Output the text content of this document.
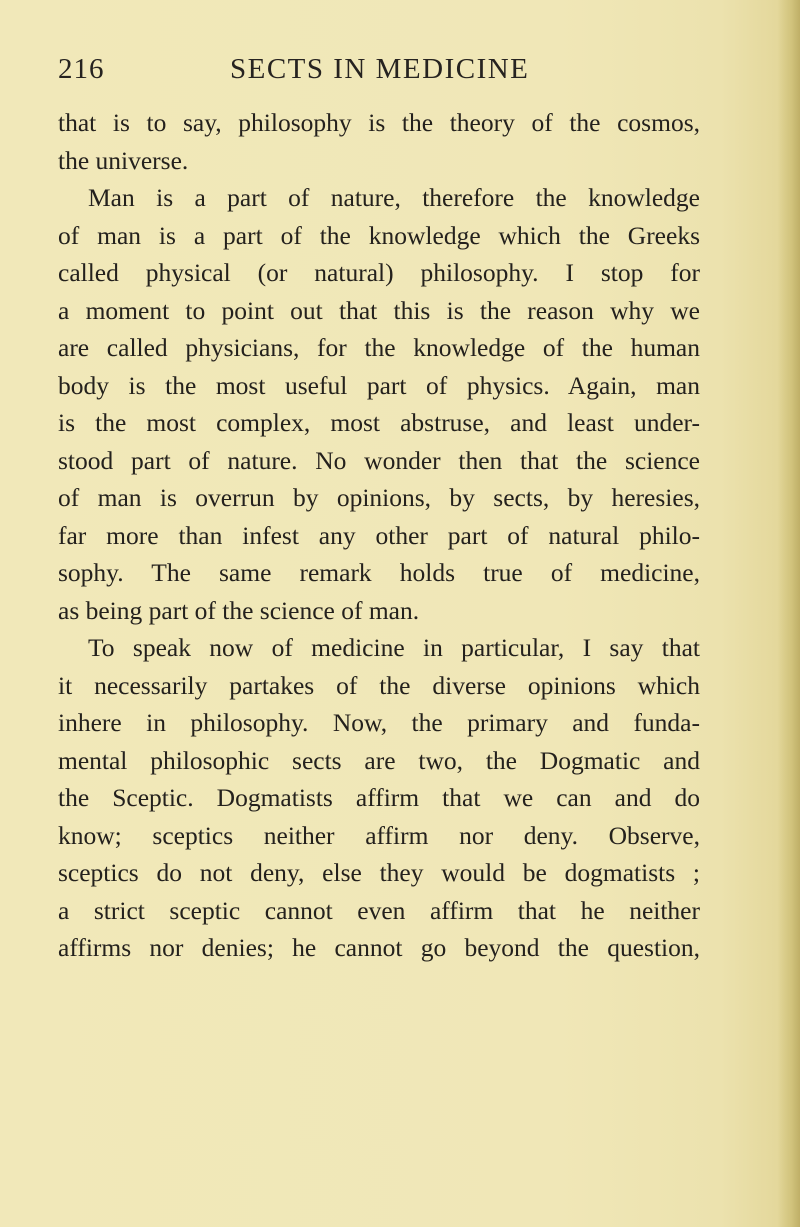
216	SECTS IN MEDICINE
that is to say, philosophy is the theory of the cosmos,
the universe.
Man is a part of nature, therefore the knowledge
of man is a part of the knowledge which the Greeks
called physical (or natural) philosophy. I stop for
a moment to point out that this is the reason why we
are called physicians, for the knowledge of the human
body is the most useful part of physics. Again, man
is the most complex, most abstruse, and least under-
stood part of nature. No wonder then that the science
of man is overrun by opinions, by sects, by heresies,
far more than infest any other part of natural philo-
sophy. The same remark holds true of medicine,
as being part of the science of man.
To speak now of medicine in particular, I say that
it necessarily partakes of the diverse opinions which
inhere in philosophy. Now, the primary and funda-
mental philosophic sects are two, the Dogmatic and
the Sceptic. Dogmatists affirm that we can and do
know; sceptics neither affirm nor deny. Observe,
sceptics do not deny, else they would be dogmatists ;
a strict sceptic cannot even affirm that he neither
affirms nor denies; he cannot go beyond the question,
